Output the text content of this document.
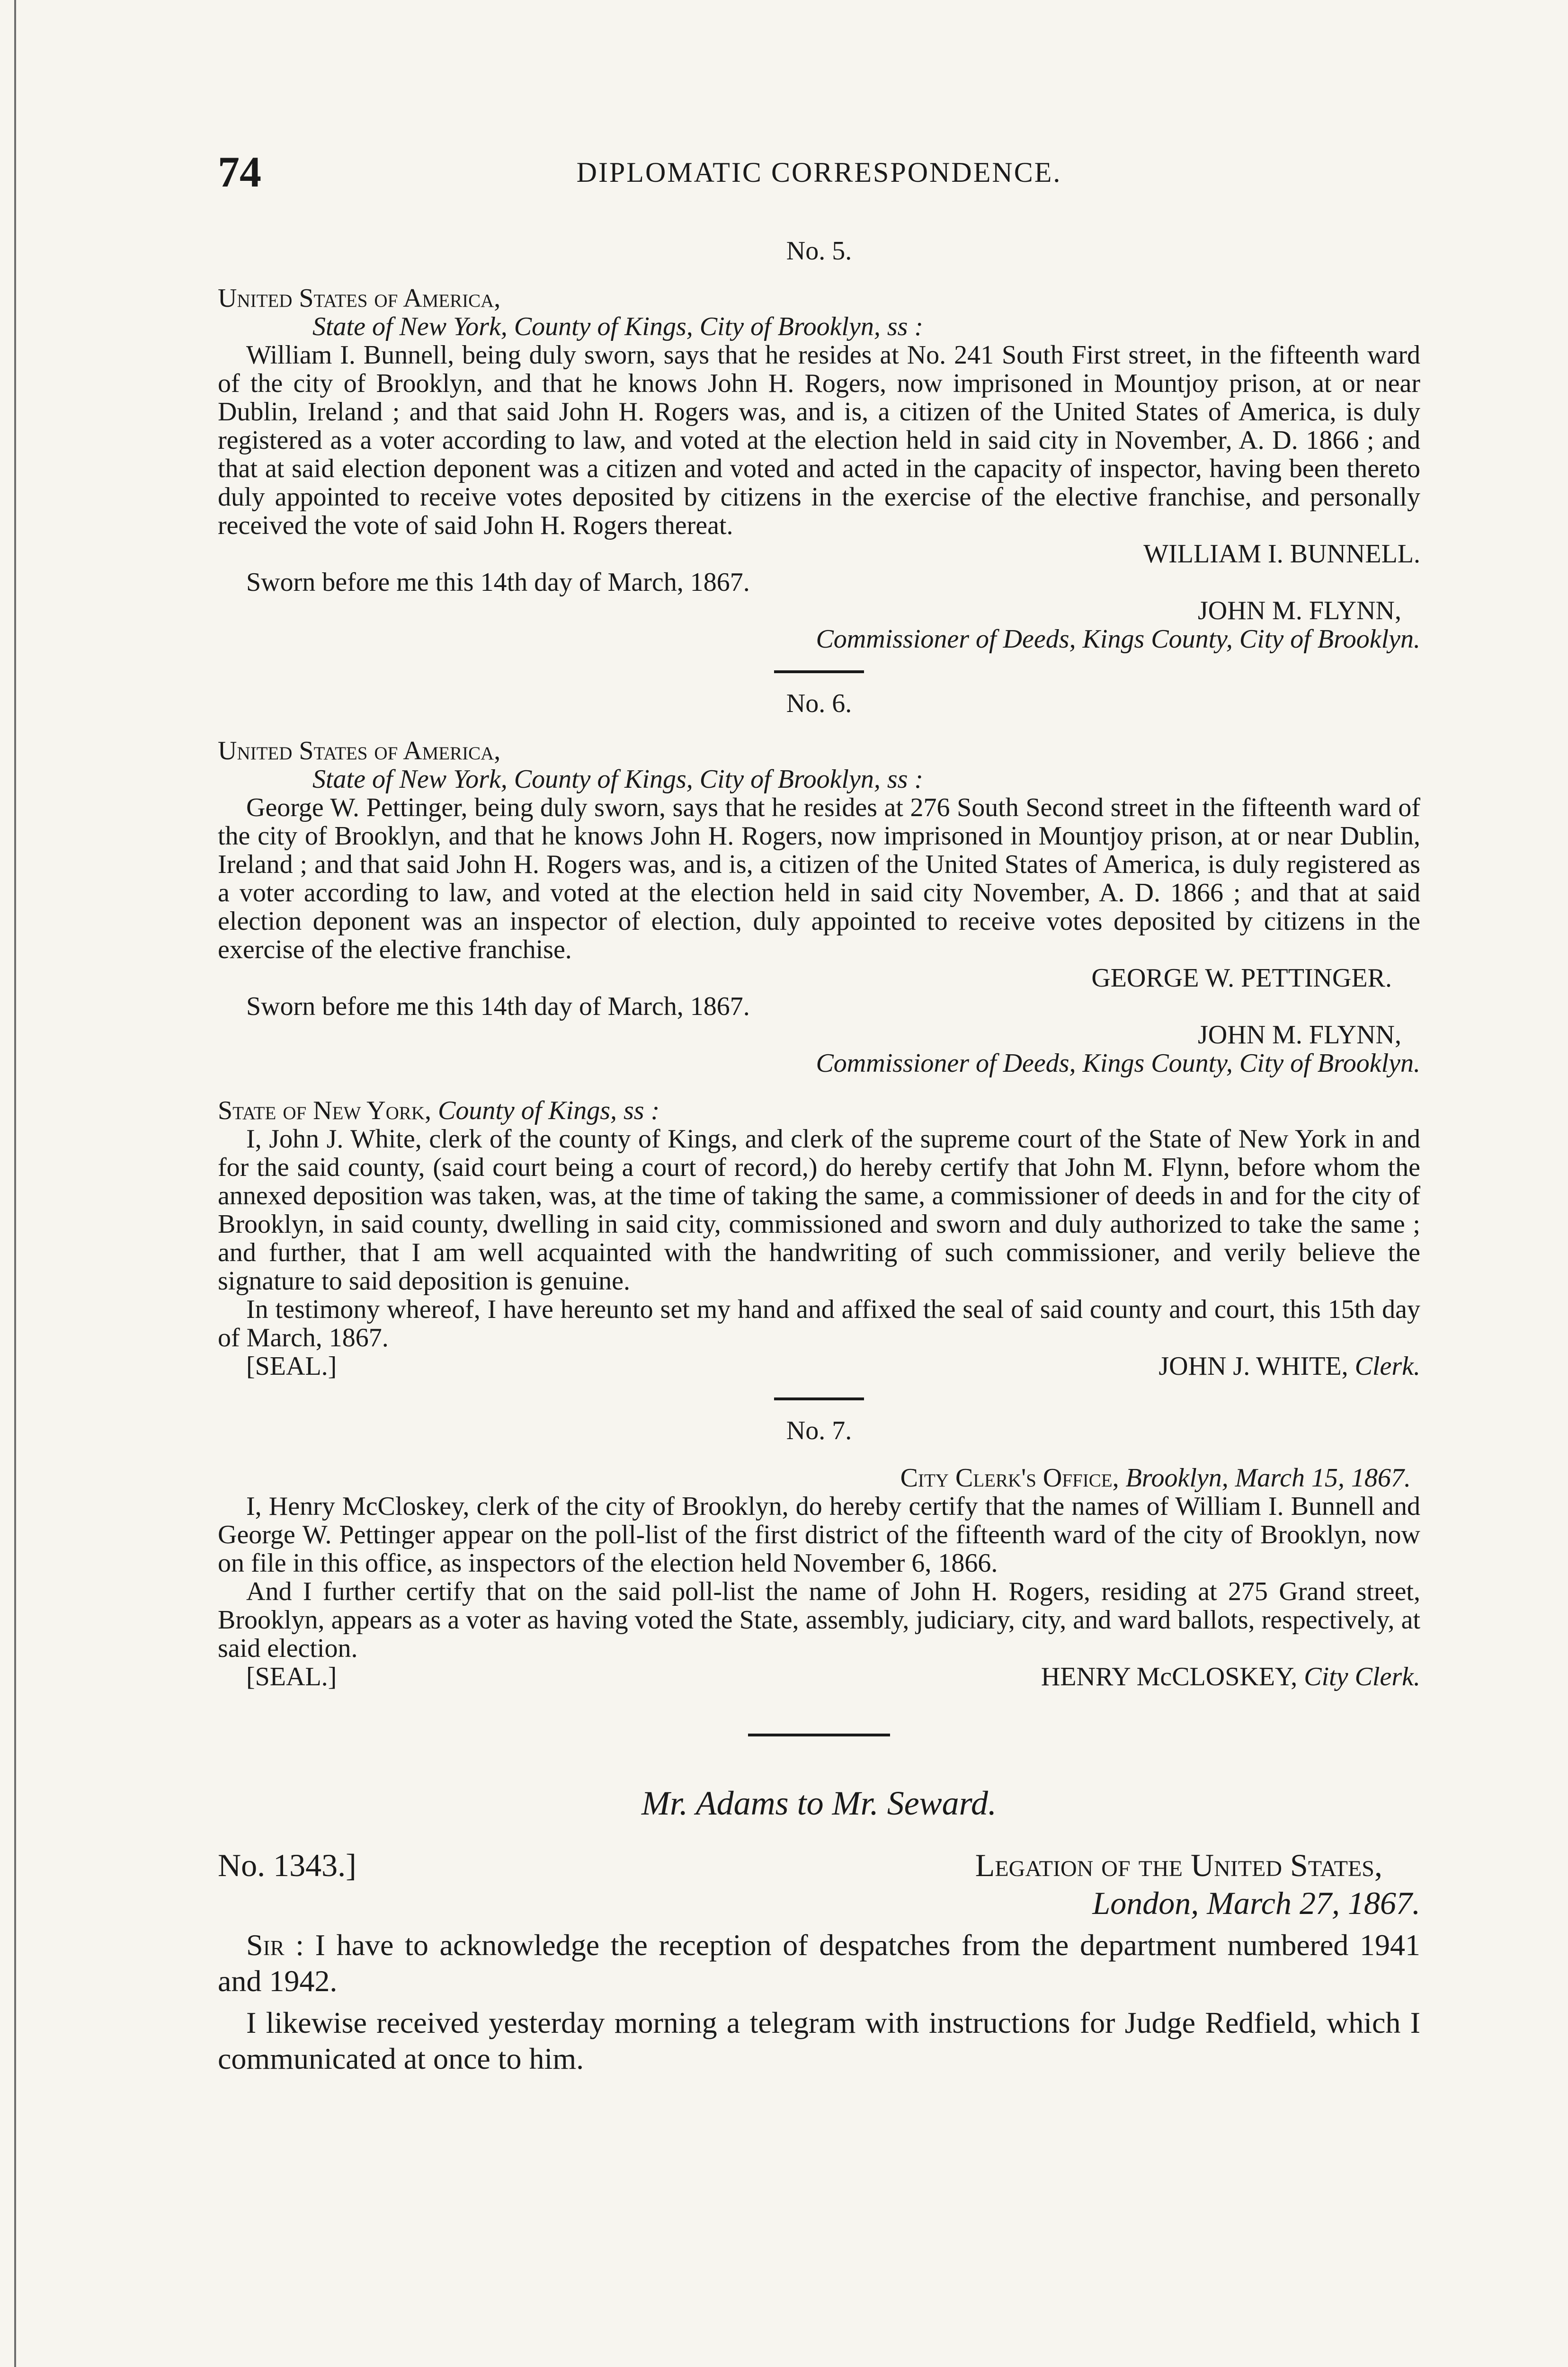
74	DIPLOMATIC CORRESPONDENCE.
No. 5.
United States of America,
State of New York, County of Kings, City of Brooklyn, ss :
William I. Bunnell, being duly sworn, says that he resides at No. 241 South First street, in the fifteenth ward of the city of Brooklyn, and that he knows John H. Rogers, now imprisoned in Mountjoy prison, at or near Dublin, Ireland ; and that said John H. Rogers was, and is, a citizen of the United States of America, is duly registered as a voter according to law, and voted at the election held in said city in November, A. D. 1866 ; and that at said election deponent was a citizen and voted and acted in the capacity of inspector, having been thereto duly appointed to receive votes deposited by citizens in the exercise of the elective franchise, and personally received the vote of said John H. Rogers thereat.
WILLIAM I. BUNNELL.
Sworn before me this 14th day of March, 1867.
JOHN M. FLYNN,
Commissioner of Deeds, Kings County, City of Brooklyn.
No. 6.
United States of America,
State of New York, County of Kings, City of Brooklyn, ss :
George W. Pettinger, being duly sworn, says that he resides at 276 South Second street in the fifteenth ward of the city of Brooklyn, and that he knows John H. Rogers, now imprisoned in Mountjoy prison, at or near Dublin, Ireland ; and that said John H. Rogers was, and is, a citizen of the United States of America, is duly registered as a voter according to law, and voted at the election held in said city November, A. D. 1866 ; and that at said election deponent was an inspector of election, duly appointed to receive votes deposited by citizens in the exercise of the elective franchise.
GEORGE W. PETTINGER.
Sworn before me this 14th day of March, 1867.
JOHN M. FLYNN,
Commissioner of Deeds, Kings County, City of Brooklyn.
State of New York, County of Kings, ss :
I, John J. White, clerk of the county of Kings, and clerk of the supreme court of the State of New York in and for the said county, (said court being a court of record,) do hereby certify that John M. Flynn, before whom the annexed deposition was taken, was, at the time of taking the same, a commissioner of deeds in and for the city of Brooklyn, in said county, dwelling in said city, commissioned and sworn and duly authorized to take the same ; and further, that I am well acquainted with the handwriting of such commissioner, and verily believe the signature to said deposition is genuine.
In testimony whereof, I have hereunto set my hand and affixed the seal of said county and court, this 15th day of March, 1867.
[SEAL.]	JOHN J. WHITE, Clerk.
No. 7.
City Clerk's Office, Brooklyn, March 15, 1867.
I, Henry McCloskey, clerk of the city of Brooklyn, do hereby certify that the names of William I. Bunnell and George W. Pettinger appear on the poll-list of the first district of the fifteenth ward of the city of Brooklyn, now on file in this office, as inspectors of the election held November 6, 1866.
And I further certify that on the said poll-list the name of John H. Rogers, residing at 275 Grand street, Brooklyn, appears as a voter as having voted the State, assembly, judiciary, city, and ward ballots, respectively, at said election.
[SEAL.]	HENRY McCLOSKEY, City Clerk.
Mr. Adams to Mr. Seward.
No. 1343.]	Legation of the United States,
London, March 27, 1867.
Sir : I have to acknowledge the reception of despatches from the department numbered 1941 and 1942.
I likewise received yesterday morning a telegram with instructions for Judge Redfield, which I communicated at once to him.
